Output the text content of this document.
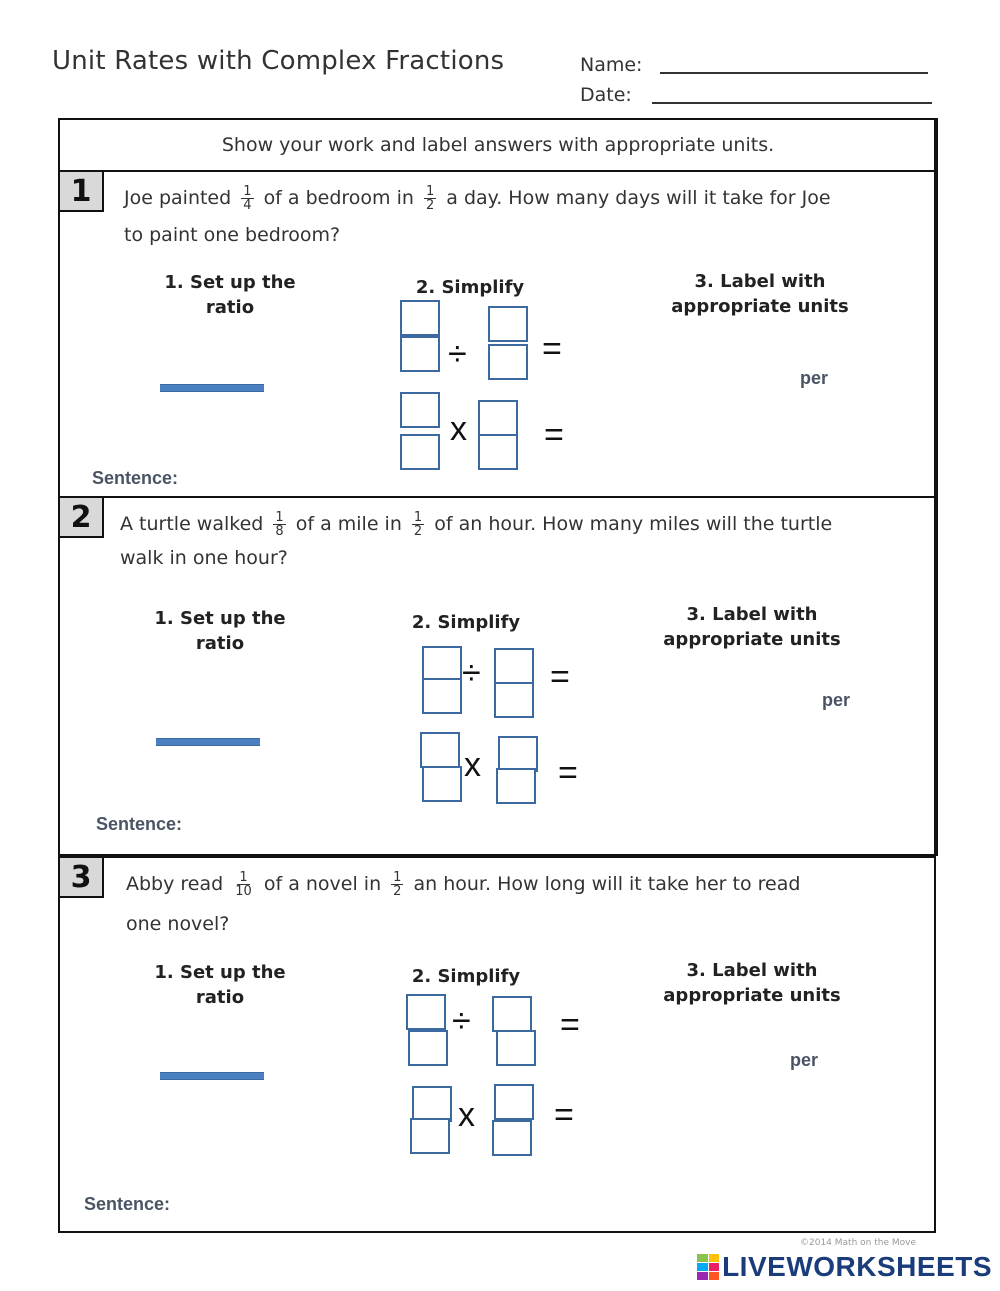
Unit Rates with Complex Fractions	Name:
Date:
Show your work and label answers with appropriate units.
1	Joe painted $\frac{1}{4}$ of a bedroom in $\frac{1}{2}$ a day. How many days will it take for Joe
to paint one bedroom?
1. Set up the
ratio
2. Simplify	3. Label with
appropriate units
÷ =
x =
per
Sentence:
2	A turtle walked $\frac{1}{8}$ of a mile in $\frac{1}{2}$ of an hour. How many miles will the turtle
walk in one hour?
1. Set up the
ratio
2. Simplify	3. Label with
appropriate units
÷ =
x =
per
Sentence:
3	Abby read $\frac{1}{10}$ of a novel in $\frac{1}{2}$ an hour. How long will it take her to read
one novel?
1. Set up the
ratio
2. Simplify	3. Label with
appropriate units
÷	=
x =
per
Sentence:
©2014 Math on the Move
LIVEWORKSHEETS
